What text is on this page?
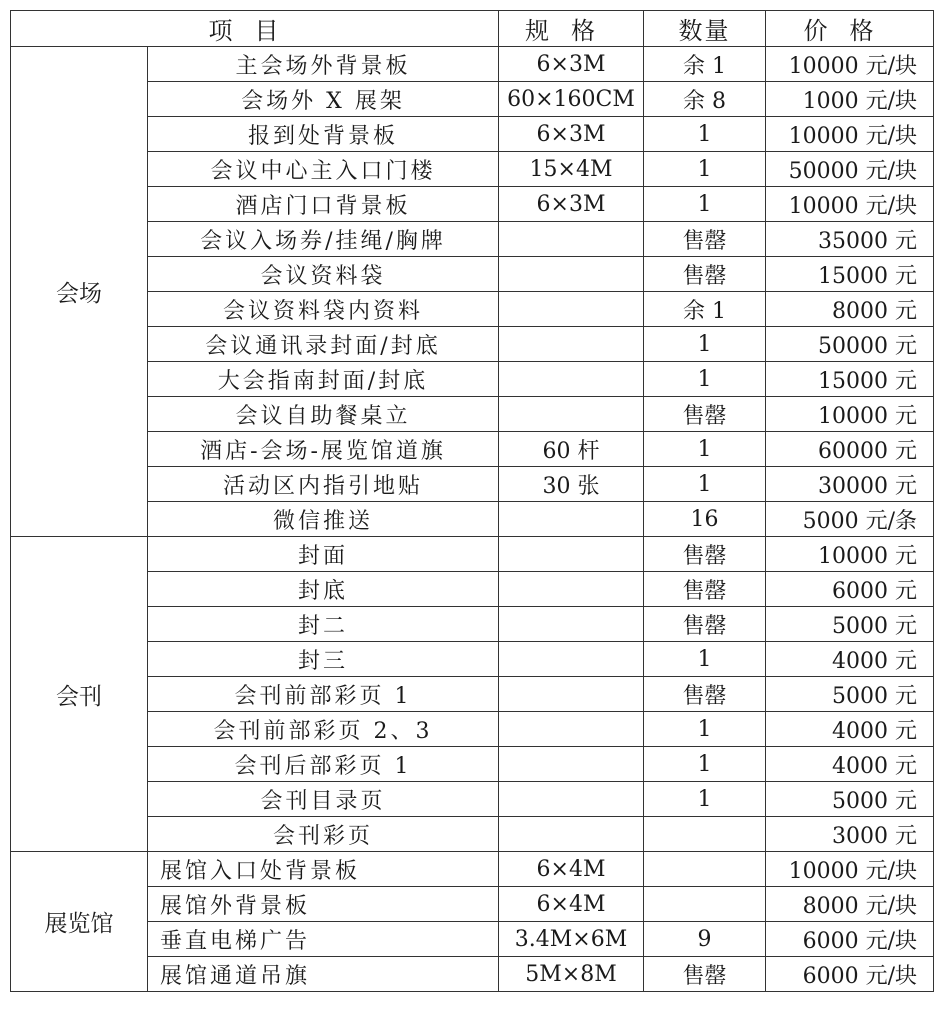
项目		规格	数量	价格
会场	主会场外背景板	6×3M	余 1	10000 元/块
	会场外 X 展架	60×160CM	余 8	1000 元/块
	报到处背景板	6×3M	1	10000 元/块
	会议中心主入口门楼	15×4M	1	50000 元/块
	酒店门口背景板	6×3M	1	10000 元/块
	会议入场券/挂绳/胸牌		售罄	35000 元
	会议资料袋		售罄	15000 元
	会议资料袋内资料		余 1	8000 元
	会议通讯录封面/封底		1	50000 元
	大会指南封面/封底		1	15000 元
	会议自助餐桌立		售罄	10000 元
	酒店-会场-展览馆道旗	60 杆	1	60000 元
	活动区内指引地贴	30 张	1	30000 元
	微信推送		16	5000 元/条
会刊	封面		售罄	10000 元
	封底		售罄	6000 元
	封二		售罄	5000 元
	封三		1	4000 元
	会刊前部彩页 1		售罄	5000 元
	会刊前部彩页 2、3		1	4000 元
	会刊后部彩页 1		1	4000 元
	会刊目录页		1	5000 元
	会刊彩页			3000 元
展览馆	展馆入口处背景板	6×4M		10000 元/块
	展馆外背景板	6×4M		8000 元/块
	垂直电梯广告	3.4M×6M	9	6000 元/块
	展馆通道吊旗	5M×8M	售罄	6000 元/块
